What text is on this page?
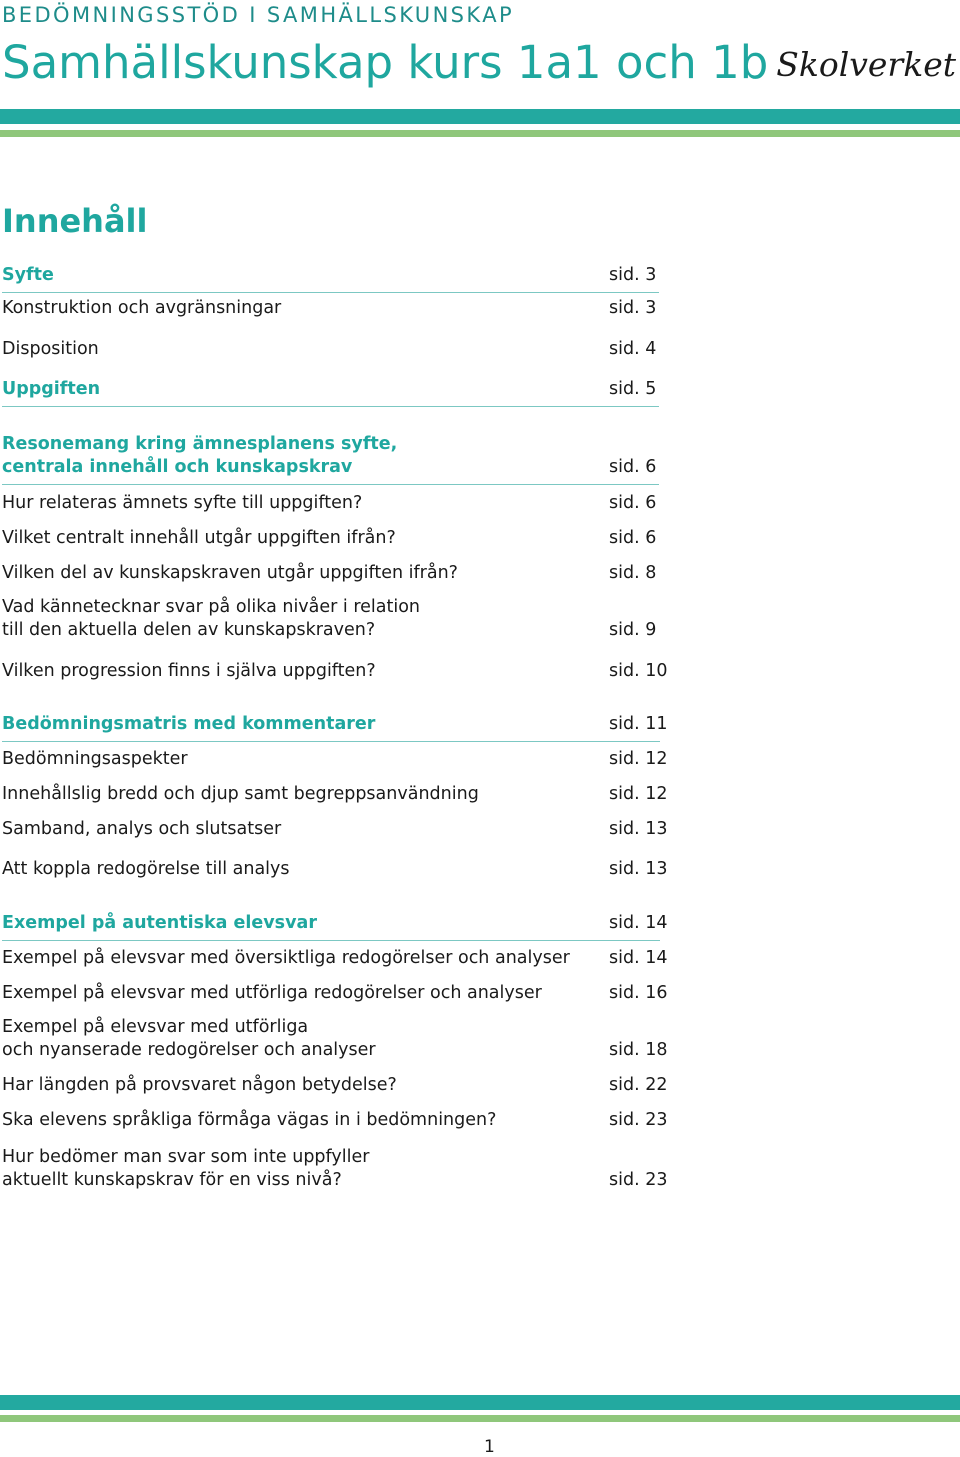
BEDÖMNINGSSTÖD I SAMHÄLLSKUNSKAP
Samhällskunskap kurs 1a1 och 1b Skolverket
Innehåll
Syfte	sid. 3
Konstruktion och avgränsningar	sid. 3
Disposition	sid. 4
Uppgiften	sid. 5
Resonemang kring ämnesplanens syfte,
centrala innehåll och kunskapskrav	sid. 6
Hur relateras ämnets syfte till uppgiften?	sid. 6
Vilket centralt innehåll utgår uppgiften ifrån?	sid. 6
Vilken del av kunskapskraven utgår uppgiften ifrån?	sid. 8
Vad kännetecknar svar på olika nivåer i relation
till den aktuella delen av kunskapskraven?	sid. 9
Vilken progression finns i själva uppgiften?	sid. 10
Bedömningsmatris med kommentarer	sid. 11
Bedömningsaspekter	sid. 12
Innehållslig bredd och djup samt begreppsanvändning	sid. 12
Samband, analys och slutsatser	sid. 13
Att koppla redogörelse till analys	sid. 13
Exempel på autentiska elevsvar	sid. 14
Exempel på elevsvar med översiktliga redogörelser och analyser sid. 14
Exempel på elevsvar med utförliga redogörelser och analyser	sid. 16
Exempel på elevsvar med utförliga
och nyanserade redogörelser och analyser	sid. 18
Har längden på provsvaret någon betydelse?	sid. 22
Ska elevens språkliga förmåga vägas in i bedömningen?	sid. 23
Hur bedömer man svar som inte uppfyller
aktuellt kunskapskrav för en viss nivå?	sid. 23
1
